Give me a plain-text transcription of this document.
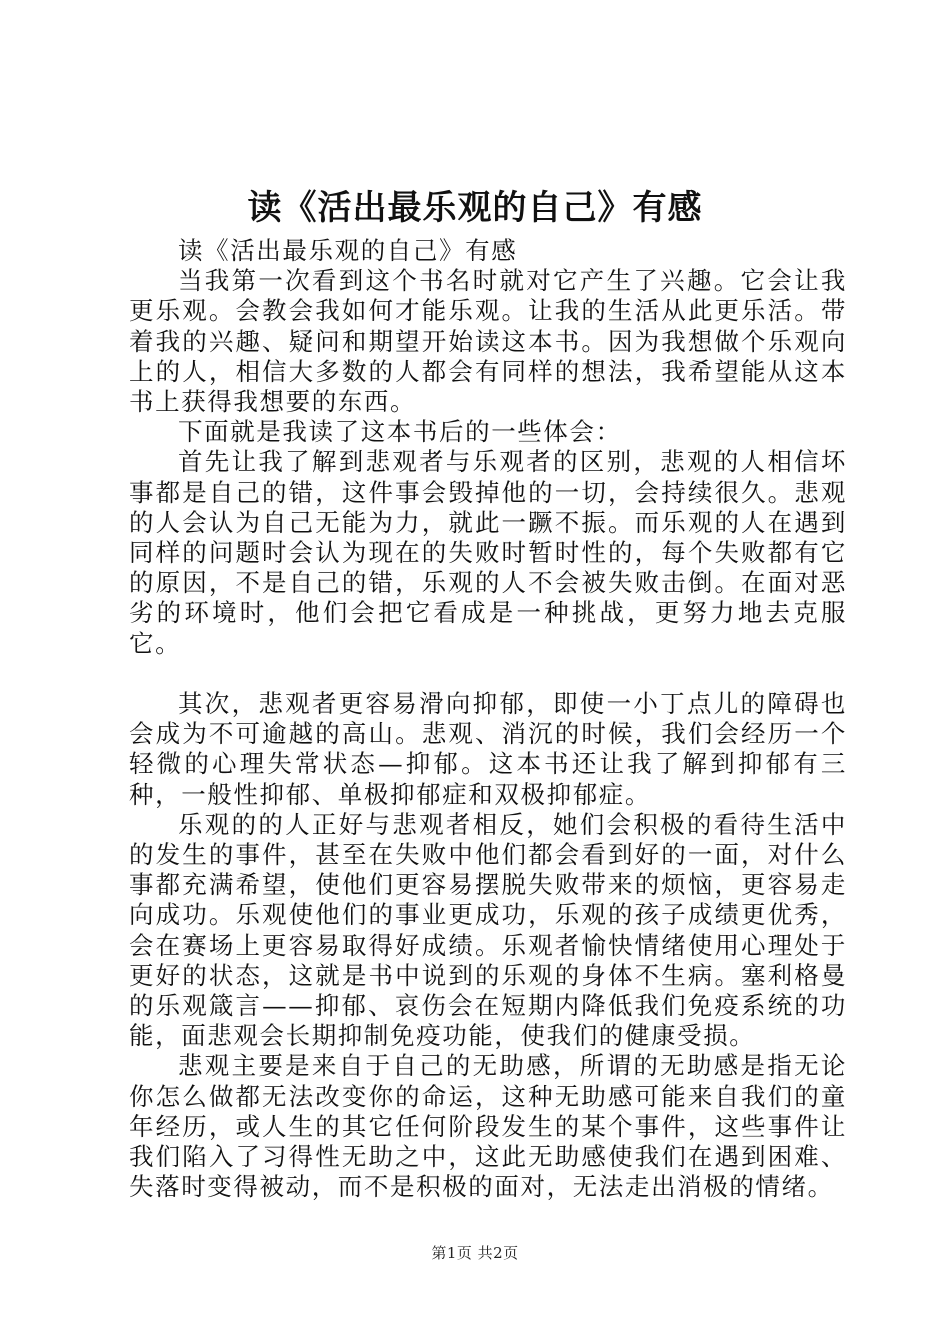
读《活出最乐观的自己》有感

读《活出最乐观的自己》有感

当我第一次看到这个书名时就对它产生了兴趣。它会让我更乐观。会教会我如何才能乐观。让我的生活从此更乐活。带着我的兴趣、疑问和期望开始读这本书。因为我想做个乐观向上的人，相信大多数的人都会有同样的想法，我希望能从这本书上获得我想要的东西。

下面就是我读了这本书后的一些体会：

首先让我了解到悲观者与乐观者的区别，悲观的人相信坏事都是自己的错，这件事会毁掉他的一切，会持续很久。悲观的人会认为自己无能为力，就此一蹶不振。而乐观的人在遇到同样的问题时会认为现在的失败时暂时性的，每个失败都有它的原因，不是自己的错，乐观的人不会被失败击倒。在面对恶劣的环境时，他们会把它看成是一种挑战，更努力地去克服它。

其次，悲观者更容易滑向抑郁，即使一小丁点儿的障碍也会成为不可逾越的高山。悲观、消沉的时候，我们会经历一个轻微的心理失常状态—抑郁。这本书还让我了解到抑郁有三种，一般性抑郁、单极抑郁症和双极抑郁症。

乐观的的人正好与悲观者相反，她们会积极的看待生活中的发生的事件，甚至在失败中他们都会看到好的一面，对什么事都充满希望，使他们更容易摆脱失败带来的烦恼，更容易走向成功。乐观使他们的事业更成功，乐观的孩子成绩更优秀，会在赛场上更容易取得好成绩。乐观者愉快情绪使用心理处于更好的状态，这就是书中说到的乐观的身体不生病。塞利格曼的乐观箴言——抑郁、哀伤会在短期内降低我们免疫系统的功能，面悲观会长期抑制免疫功能，使我们的健康受损。

悲观主要是来自于自己的无助感，所谓的无助感是指无论你怎么做都无法改变你的命运，这种无助感可能来自我们的童年经历，或人生的其它任何阶段发生的某个事件，这些事件让我们陷入了习得性无助之中，这此无助感使我们在遇到困难、失落时变得被动，而不是积极的面对，无法走出消极的情绪。

第1页 共2页
